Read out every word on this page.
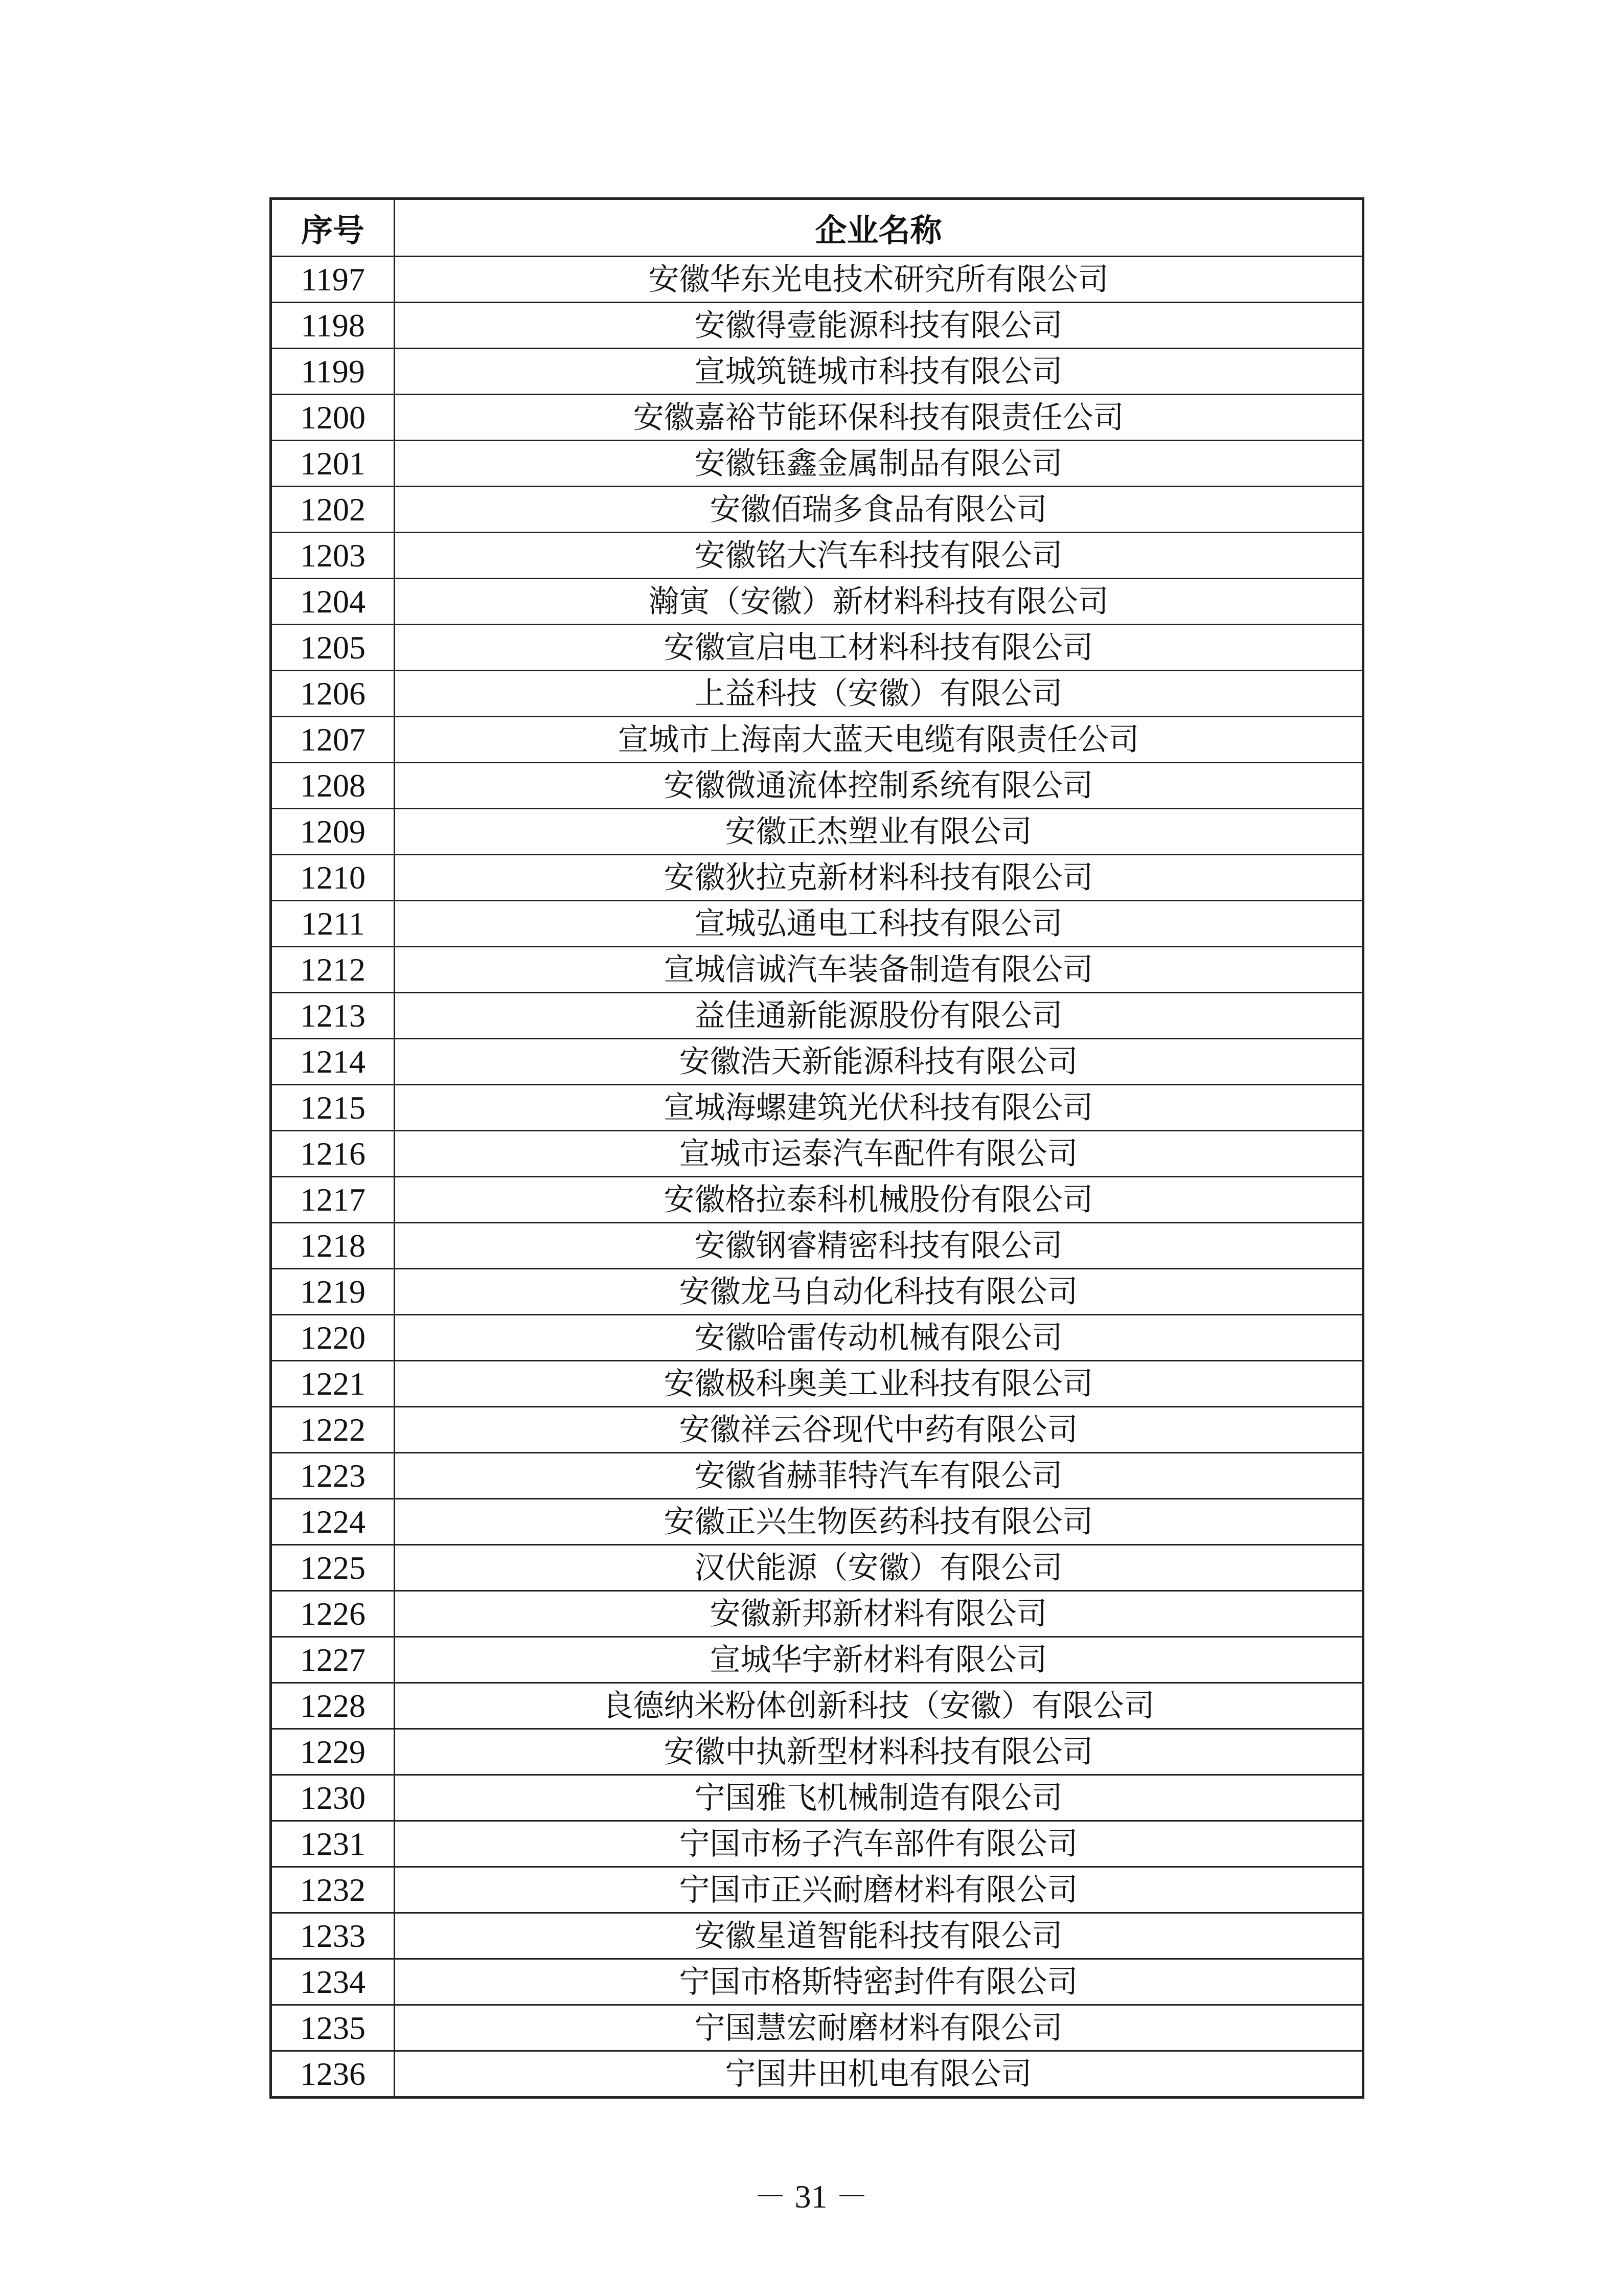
序号	企业名称
1197	安徽华东光电技术研究所有限公司
1198	安徽得壹能源科技有限公司
1199	宣城筑链城市科技有限公司
1200	安徽嘉裕节能环保科技有限责任公司
1201	安徽钰鑫金属制品有限公司
1202	安徽佰瑞多食品有限公司
1203	安徽铭大汽车科技有限公司
1204	瀚寅（安徽）新材料科技有限公司
1205	安徽宣启电工材料科技有限公司
1206	上益科技（安徽）有限公司
1207	宣城市上海南大蓝天电缆有限责任公司
1208	安徽微通流体控制系统有限公司
1209	安徽正杰塑业有限公司
1210	安徽狄拉克新材料科技有限公司
1211	宣城弘通电工科技有限公司
1212	宣城信诚汽车装备制造有限公司
1213	益佳通新能源股份有限公司
1214	安徽浩天新能源科技有限公司
1215	宣城海螺建筑光伏科技有限公司
1216	宣城市运泰汽车配件有限公司
1217	安徽格拉泰科机械股份有限公司
1218	安徽钢睿精密科技有限公司
1219	安徽龙马自动化科技有限公司
1220	安徽哈雷传动机械有限公司
1221	安徽极科奥美工业科技有限公司
1222	安徽祥云谷现代中药有限公司
1223	安徽省赫菲特汽车有限公司
1224	安徽正兴生物医药科技有限公司
1225	汉伏能源（安徽）有限公司
1226	安徽新邦新材料有限公司
1227	宣城华宇新材料有限公司
1228	良德纳米粉体创新科技（安徽）有限公司
1229	安徽中执新型材料科技有限公司
1230	宁国雅飞机械制造有限公司
1231	宁国市杨子汽车部件有限公司
1232	宁国市正兴耐磨材料有限公司
1233	安徽星道智能科技有限公司
1234	宁国市格斯特密封件有限公司
1235	宁国慧宏耐磨材料有限公司
1236	宁国井田机电有限公司
－ 31 －
